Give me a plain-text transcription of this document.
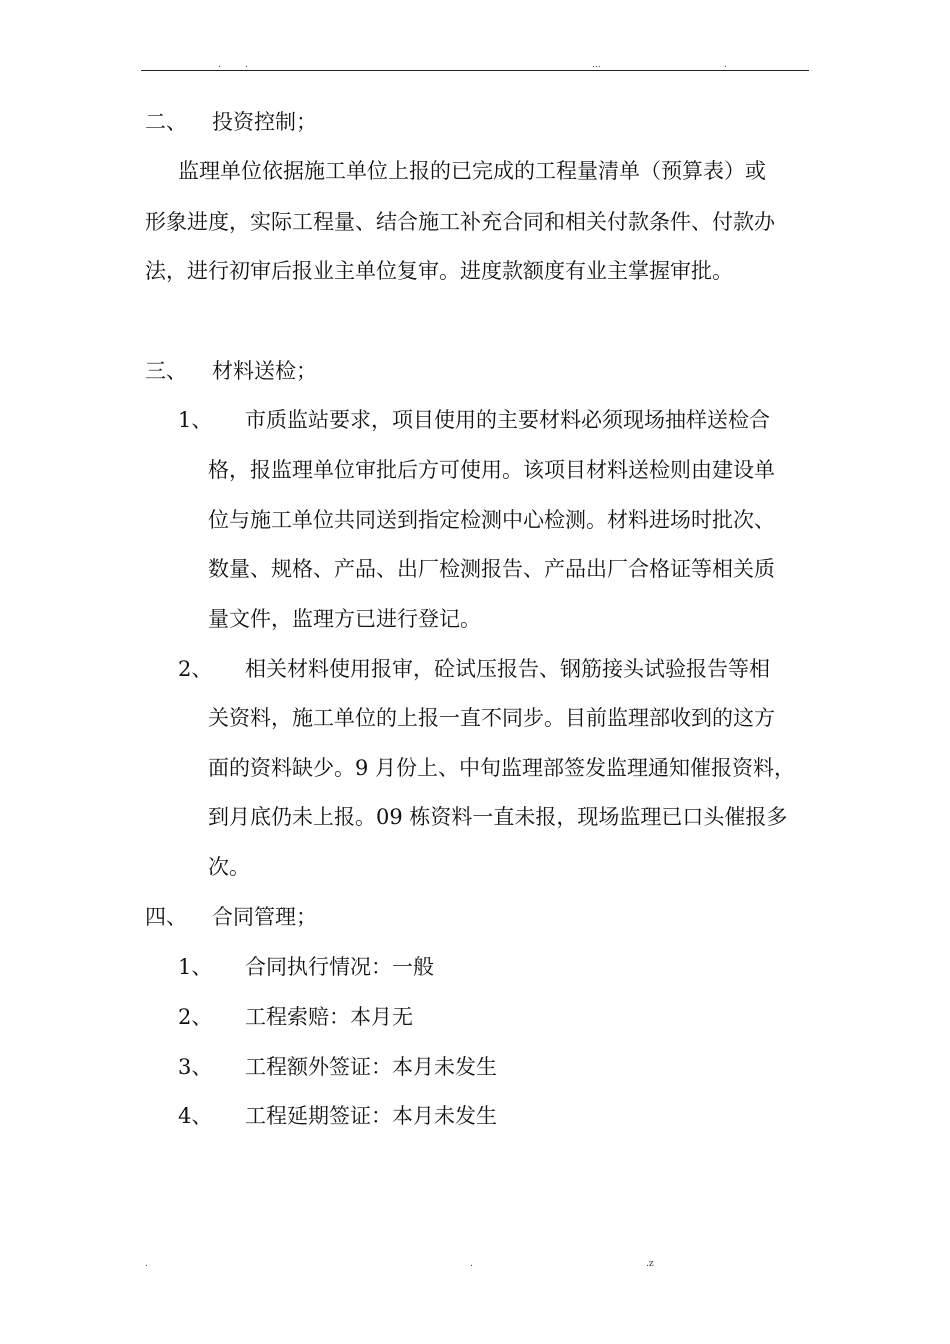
.	.	...	.
二、 投资控制；
监理单位依据施工单位上报的已完成的工程量清单（预算表）或
形象进度，实际工程量、结合施工补充合同和相关付款条件、付款办
法，进行初审后报业主单位复审。进度款额度有业主掌握审批。
三、 材料送检；
1、 市质监站要求，项目使用的主要材料必须现场抽样送检合
格，报监理单位审批后方可使用。该项目材料送检则由建设单
位与施工单位共同送到指定检测中心检测。材料进场时批次、
数量、规格、产品、出厂检测报告、产品出厂合格证等相关质
量文件，监理方已进行登记。
2、 相关材料使用报审，砼试压报告、钢筋接头试验报告等相
关资料，施工单位的上报一直不同步。目前监理部收到的这方
面的资料缺少。9 月份上、中旬监理部签发监理通知催报资料，
到月底仍未上报。09 栋资料一直未报，现场监理已口头催报多
次。
四、 合同管理；
1、 合同执行情况：一般
2、 工程索赔：本月无
3、 工程额外签证：本月未发生
4、 工程延期签证：本月未发生
.	.	.z
